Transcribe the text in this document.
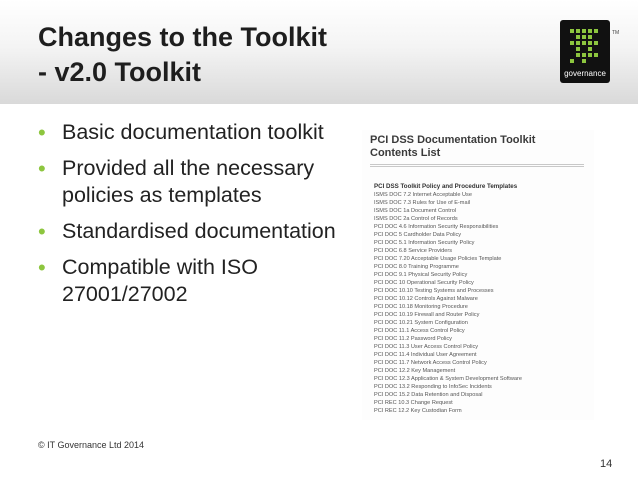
Changes to the Toolkit
- v2.0 Toolkit	governance
TM
• Basic documentation toolkit
• Provided all the necessary policies as templates
• Standardised documentation
• Compatible with ISO 27001/27002
PCI DSS Documentation Toolkit
Contents List
PCI DSS Toolkit Policy and Procedure Templates
ISMS DOC 7.2 Internet Acceptable Use
ISMS DOC 7.3 Rules for Use of E-mail
ISMS DOC 1a Document Control
ISMS DOC 2a Control of Records
PCI DOC 4.6 Information Security Responsibilities
PCI DOC 5 Cardholder Data Policy
PCI DOC 5.1 Information Security Policy
PCI DOC 6.8 Service Providers
PCI DOC 7.20 Acceptable Usage Policies Template
PCI DOC 8.0 Training Programme
PCI DOC 9.1 Physical Security Policy
PCI DOC 10 Operational Security Policy
PCI DOC 10.10 Testing Systems and Processes
PCI DOC 10.12 Controls Against Malware
PCI DOC 10.18 Monitoring Procedure
PCI DOC 10.19 Firewall and Router Policy
PCI DOC 10.21 System Configuration
PCI DOC 11.1 Access Control Policy
PCI DOC 11.2 Password Policy
PCI DOC 11.3 User Access Control Policy
PCI DOC 11.4 Individual User Agreement
PCI DOC 11.7 Network Access Control Policy
PCI DOC 12.2 Key Management
PCI DOC 12.3 Application & System Development Software
PCI DOC 13.2 Responding to InfoSec Incidents
PCI DOC 15.2 Data Retention and Disposal
PCI REC 10.3 Change Request
PCI REC 12.2 Key Custodian Form
© IT Governance Ltd 2014
14
